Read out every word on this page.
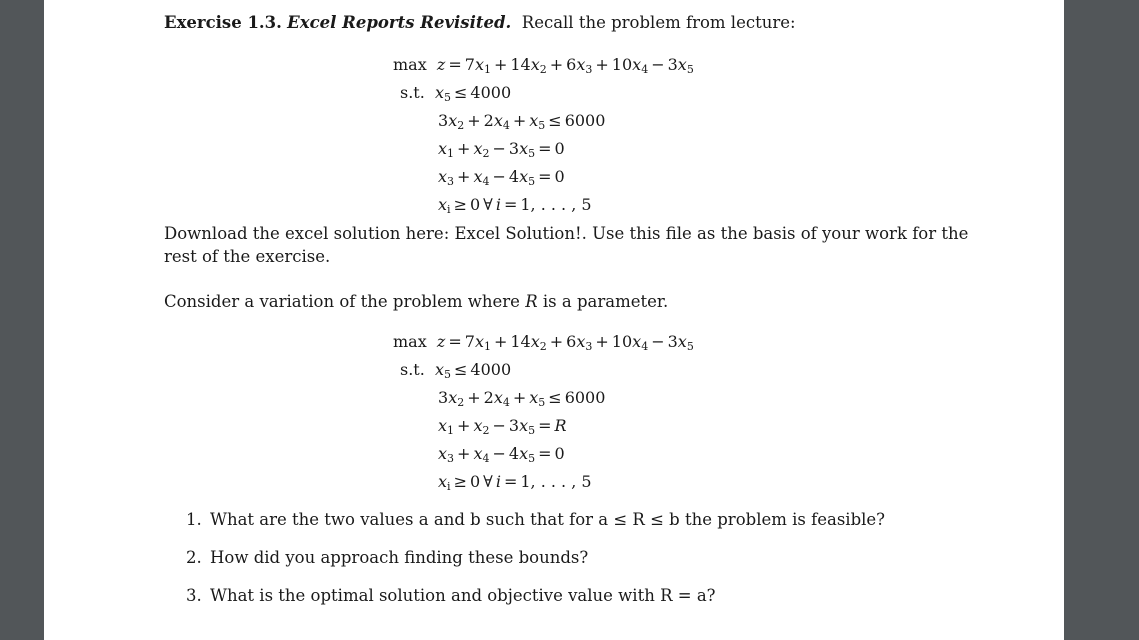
Exercise 1.3. Excel Reports Revisited. Recall the problem from lecture:
$\max z = 7x_1 + 14x_2 + 6x_3 + 10x_4 - 3x_5$
s.t. $x_5 \le 4000$
$3x_2 + 2x_4 + x_5 \le 6000$
$x_1 + x_2 - 3x_5 = 0$
$x_3 + x_4 - 4x_5 = 0$
$x_i \ge 0$ ∀ i = 1, . . . , 5
Download the excel solution here: Excel Solution!. Use this file as the basis of your work for the
rest of the exercise.
Consider a variation of the problem where R is a parameter.
$\max z = 7x_1 + 14x_2 + 6x_3 + 10x_4 - 3x_5$
s.t. $x_5 \le 4000$
$3x_2 + 2x_4 + x_5 \le 6000$
$x_1 + x_2 - 3x_5 = R$
$x_3 + x_4 - 4x_5 = 0$
$x_i \ge 0$ ∀ i = 1, . . . , 5
1. What are the two values a and b such that for a ≤ R ≤ b the problem is feasible?
2. How did you approach finding these bounds?
3. What is the optimal solution and objective value with R = a?
